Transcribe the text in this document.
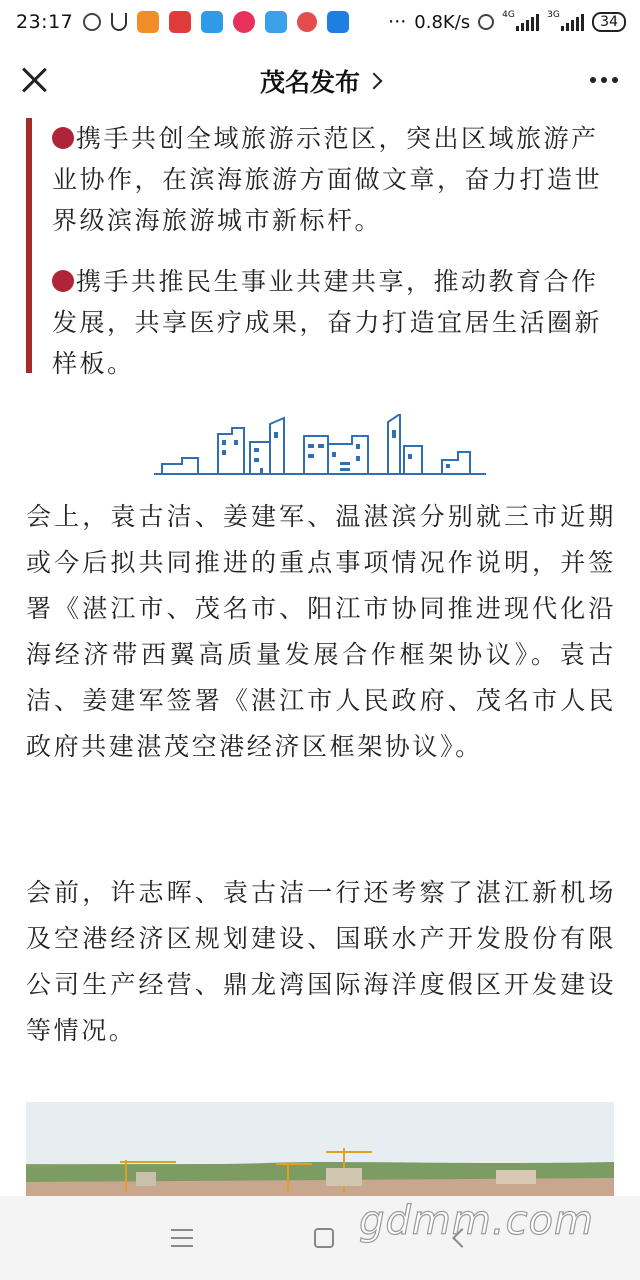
23:17	··· 0.8K/s	4G	3G	34
茂名发布

携手共创全域旅游示范区，突出区域旅游产业协作，在滨海旅游方面做文章，奋力打造世界级滨海旅游城市新标杆。

携手共推民生事业共建共享，推动教育合作发展，共享医疗成果，奋力打造宜居生活圈新样板。

会上，袁古洁、姜建军、温湛滨分别就三市近期或今后拟共同推进的重点事项情况作说明，并签署《湛江市、茂名市、阳江市协同推进现代化沿海经济带西翼高质量发展合作框架协议》。袁古洁、姜建军签署《湛江市人民政府、茂名市人民政府共建湛茂空港经济区框架协议》。

会前，许志晖、袁古洁一行还考察了湛江新机场及空港经济区规划建设、国联水产开发股份有限公司生产经营、鼎龙湾国际海洋度假区开发建设等情况。

gdmm.com
